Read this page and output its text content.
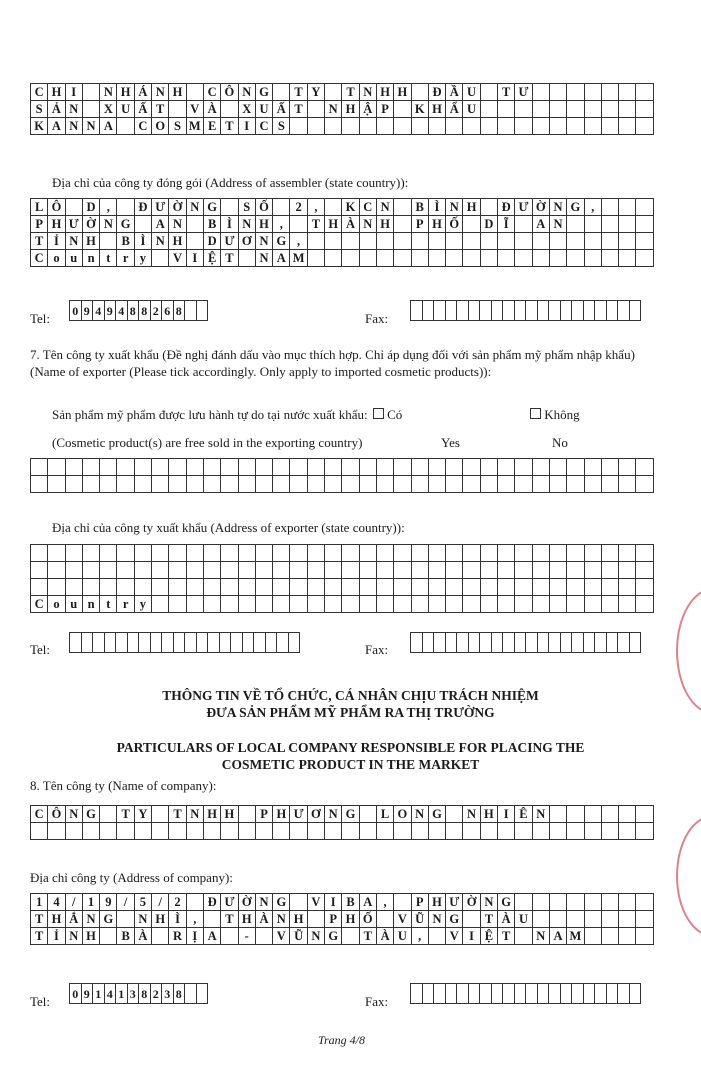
C H I	N H Á N H	C Ô N G	T Y	T N H H	Đ Ầ U	T Ư
S Ả N	X U Ấ T	V À	X U Ấ T	N H Ậ P	K H Ẩ U
K A N N A	C O S M E T I C S
Địa chỉ của công ty đóng gói (Address of assembler (state country)):
L Ô	D ,	Đ Ư Ờ N G	S Ố	2	,	K C N	B Ì N H	Đ Ư Ờ N G ,
P H Ư Ờ N G	A N	B Ì N H ,	T H À N H	P H Ố	D Ĩ	A N
T Ỉ N H	B Ì N H	D Ư Ơ N G ,
C o u n t r y	V I Ệ T	N A M
Tel: 0 9 4 9 4 8 8 2 6 8	Fax:
7. Tên công ty xuất khẩu (Đề nghị đánh dấu vào mục thích hợp. Chỉ áp dụng đối với sản phẩm mỹ phẩm nhập khẩu) (Name of exporter (Please tick accordingly. Only apply to imported cosmetic products)):
Sản phẩm mỹ phẩm được lưu hành tự do tại nước xuất khẩu: Có	Không
(Cosmetic product(s) are free sold in the exporting country)	Yes	No
Địa chỉ của công ty xuất khẩu (Address of exporter (state country)):
C o u n t r y
Tel:	Fax:
THÔNG TIN VỀ TỔ CHỨC, CÁ NHÂN CHỊU TRÁCH NHIỆM
ĐƯA SẢN PHẨM MỸ PHẨM RA THỊ TRƯỜNG
PARTICULARS OF LOCAL COMPANY RESPONSIBLE FOR PLACING THE
COSMETIC PRODUCT IN THE MARKET
8. Tên công ty (Name of company):
C Ô N G	T Y	T N H H	P H Ư Ơ N G	L O N G	N H I Ê N
Địa chỉ công ty (Address of company):
1 4 / 1 9 / 5 / 2	Đ Ư Ờ N G	V I B A ,	P H Ư Ờ N G
T H Ắ N G	N H Ì	,	T H À N H	P H Ố	V Ũ N G	T À U
T Ỉ N H	B À	R Ị A	-	V Ũ N G	T À U ,	V I Ệ T	N A M
Tel: 0 9 1 4 1 3 8 2 3 8	Fax:
Trang 4/8
